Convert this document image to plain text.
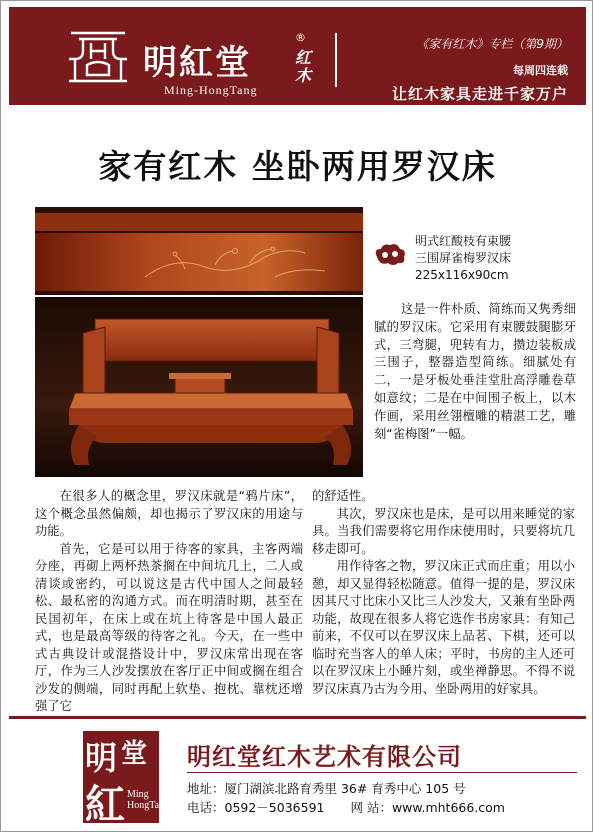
明紅堂
®
Ming-HongTang
红木
《家有红木》专栏（第9期）
每周四连载
让红木家具走进千家万户
家有红木 坐卧两用罗汉床
明式红酸枝有束腰
三围屏雀梅罗汉床
225x116x90cm

这是一件朴质、简练而又隽秀细腻的罗汉床。它采用有束腰鼓腿膨牙式，三弯腿，兜转有力，攒边装板成三围子，整器造型简练。细腻处有二，一是牙板处垂洼堂肚高浮雕卷草如意纹；二是在中间围子板上，以木作画，采用丝翎檀雕的精湛工艺，雕刻“雀梅图”一幅。

在很多人的概念里，罗汉床就是“鸦片床”，这个概念虽然偏颇，却也揭示了罗汉床的用途与功能。

首先，它是可以用于待客的家具，主客两端分座，再砌上两杯热茶搁在中间坑几上，二人或清谈或密约，可以说这是古代中国人之间最轻松、最私密的沟通方式。而在明清时期，甚至在民国初年，在床上或在坑上待客是中国人最正式，也是最高等级的待客之礼。今天，在一些中式古典设计或混搭设计中，罗汉床常出现在客厅，作为三人沙发摆放在客厅正中间或搁在组合沙发的侧端，同时再配上软垫、抱枕、靠枕还增强了它

的舒适性。

其次，罗汉床也是床，是可以用来睡觉的家具。当我们需要将它用作床使用时，只要将坑几移走即可。

用作待客之物，罗汉床正式而庄重；用以小憩，却又显得轻松随意。值得一提的是，罗汉床因其尺寸比床小又比三人沙发大，又兼有坐卧两功能，故现在很多人将它选作书房家具：有知己前来，不仅可以在罗汉床上品茗、下棋，还可以临时充当客人的单人床；平时，书房的主人还可以在罗汉床上小睡片刻，或坐禅静思。不得不说罗汉床真乃古为今用、坐卧两用的好家具。

明 堂
紅 Ming
HongTang
明红堂红木艺术有限公司
地址：厦门湖滨北路育秀里 36# 育秀中心 105 号
电话：0592－5036591 网 站：www.mht666.com
